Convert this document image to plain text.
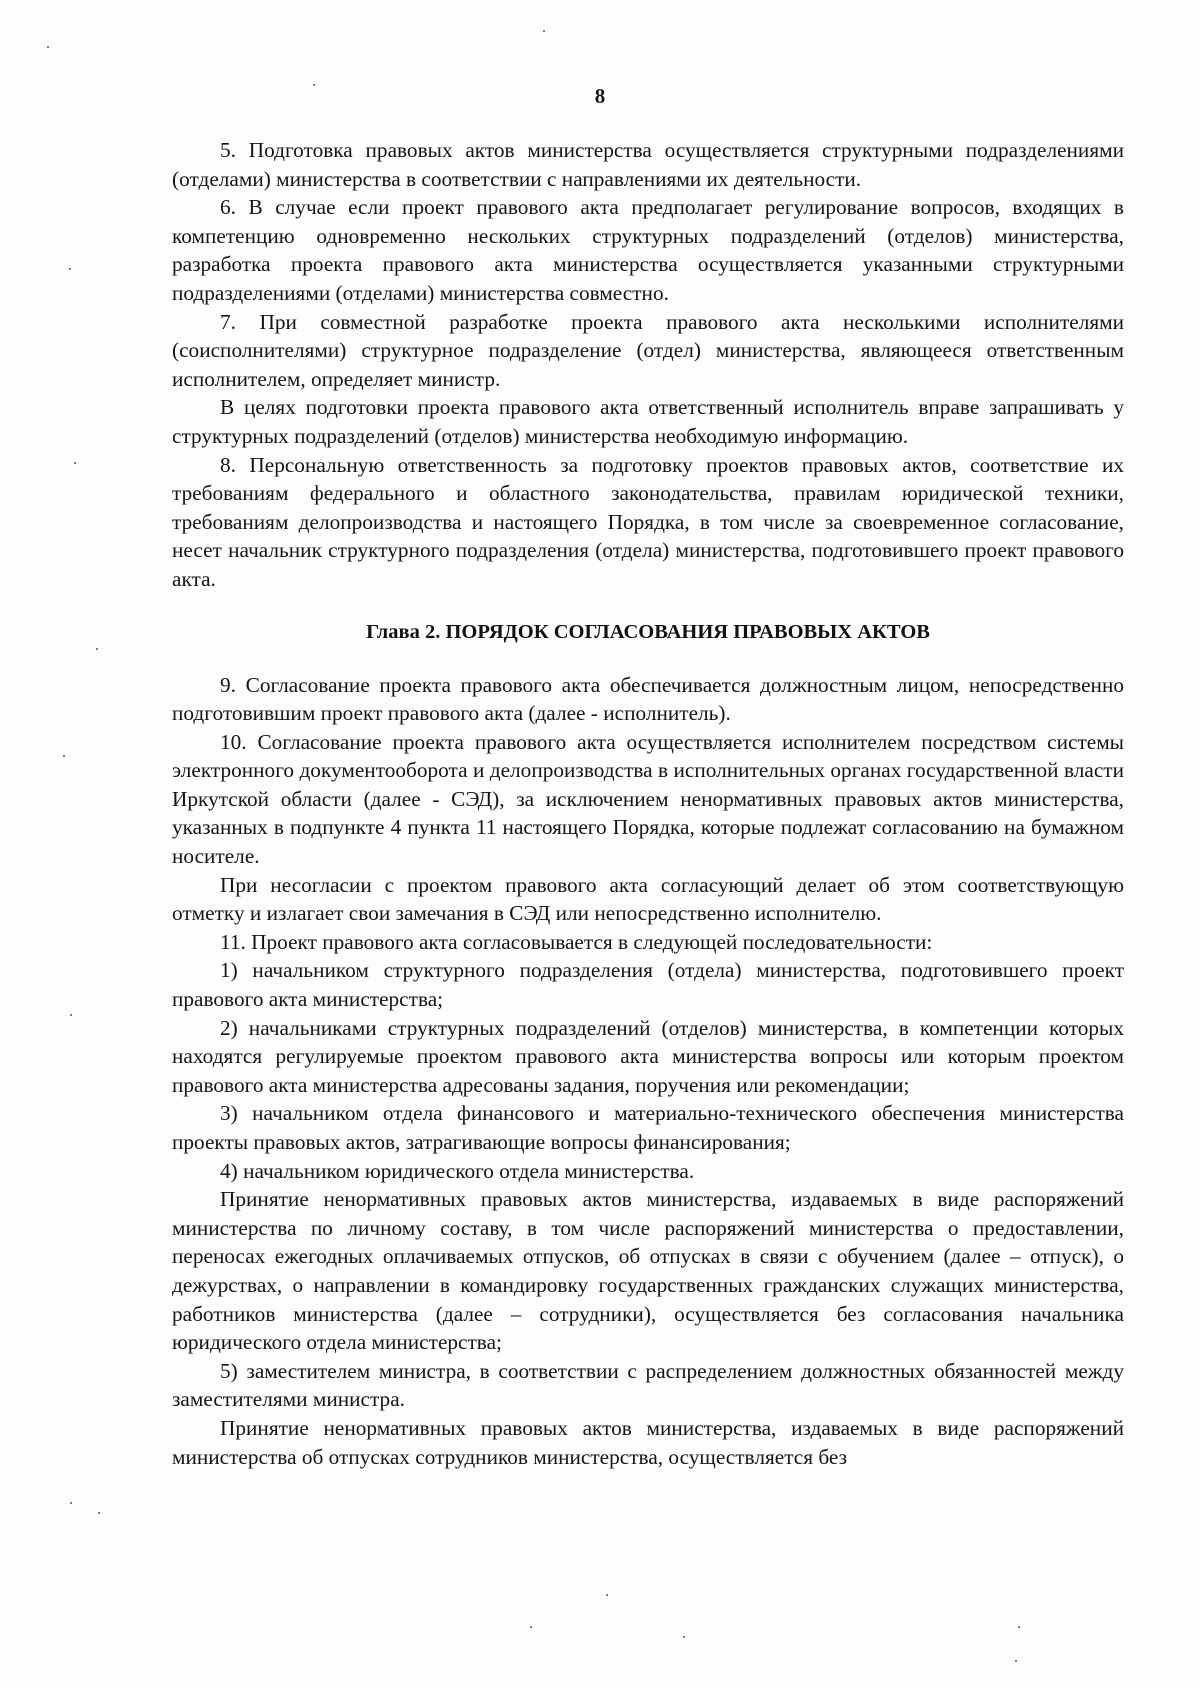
8

5. Подготовка правовых актов министерства осуществляется структурными подразделениями (отделами) министерства в соответствии с направлениями их деятельности.

6. В случае если проект правового акта предполагает регулирование вопросов, входящих в компетенцию одновременно нескольких структурных подразделений (отделов) министерства, разработка проекта правового акта министерства осуществляется указанными структурными подразделениями (отделами) министерства совместно.

7. При совместной разработке проекта правового акта несколькими исполнителями (соисполнителями) структурное подразделение (отдел) министерства, являющееся ответственным исполнителем, определяет министр.

В целях подготовки проекта правового акта ответственный исполнитель вправе запрашивать у структурных подразделений (отделов) министерства необходимую информацию.

8. Персональную ответственность за подготовку проектов правовых актов, соответствие их требованиям федерального и областного законодательства, правилам юридической техники, требованиям делопроизводства и настоящего Порядка, в том числе за своевременное согласование, несет начальник структурного подразделения (отдела) министерства, подготовившего проект правового акта.

Глава 2. ПОРЯДОК СОГЛАСОВАНИЯ ПРАВОВЫХ АКТОВ

9. Согласование проекта правового акта обеспечивается должностным лицом, непосредственно подготовившим проект правового акта (далее - исполнитель).

10. Согласование проекта правового акта осуществляется исполнителем посредством системы электронного документооборота и делопроизводства в исполнительных органах государственной власти Иркутской области (далее - СЭД), за исключением ненормативных правовых актов министерства, указанных в подпункте 4 пункта 11 настоящего Порядка, которые подлежат согласованию на бумажном носителе.

При несогласии с проектом правового акта согласующий делает об этом соответствующую отметку и излагает свои замечания в СЭД или непосредственно исполнителю.

11. Проект правового акта согласовывается в следующей последовательности:

1) начальником структурного подразделения (отдела) министерства, подготовившего проект правового акта министерства;

2) начальниками структурных подразделений (отделов) министерства, в компетенции которых находятся регулируемые проектом правового акта министерства вопросы или которым проектом правового акта министерства адресованы задания, поручения или рекомендации;

3) начальником отдела финансового и материально-технического обеспечения министерства проекты правовых актов, затрагивающие вопросы финансирования;

4) начальником юридического отдела министерства.

Принятие ненормативных правовых актов министерства, издаваемых в виде распоряжений министерства по личному составу, в том числе распоряжений министерства о предоставлении, переносах ежегодных оплачиваемых отпусков, об отпусках в связи с обучением (далее – отпуск), о дежурствах, о направлении в командировку государственных гражданских служащих министерства, работников министерства (далее – сотрудники), осуществляется без согласования начальника юридического отдела министерства;

5) заместителем министра, в соответствии с распределением должностных обязанностей между заместителями министра.

Принятие ненормативных правовых актов министерства, издаваемых в виде распоряжений министерства об отпусках сотрудников министерства, осуществляется без
